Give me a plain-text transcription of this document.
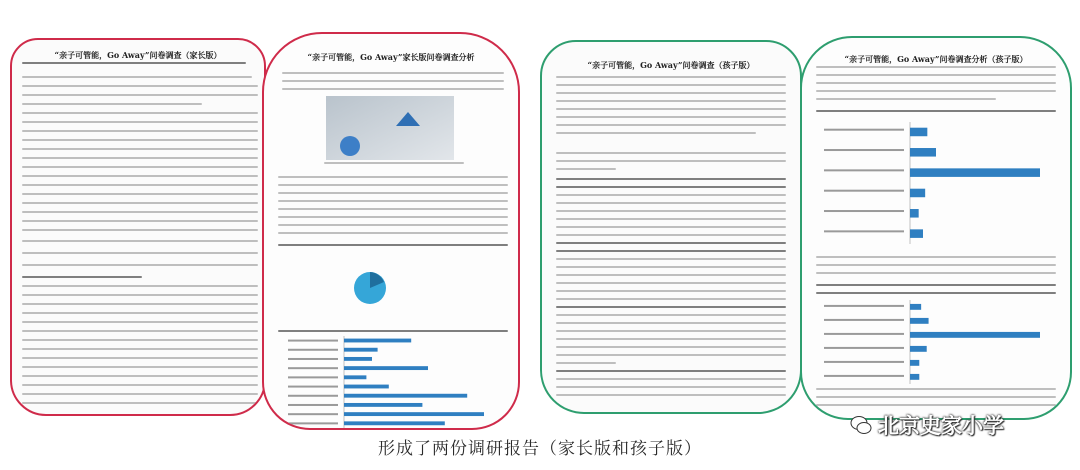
“亲子可管能，Go Away”问卷调查（家长版）	“亲子可管能，Go Away”家长版问卷调查分析
“亲子可管能，Go Away”问卷调查（孩子版）
“亲子可管能，Go Away”问卷调查分析（孩子版）
形成了两份调研报告（家长版和孩子版）
北京史家小学
